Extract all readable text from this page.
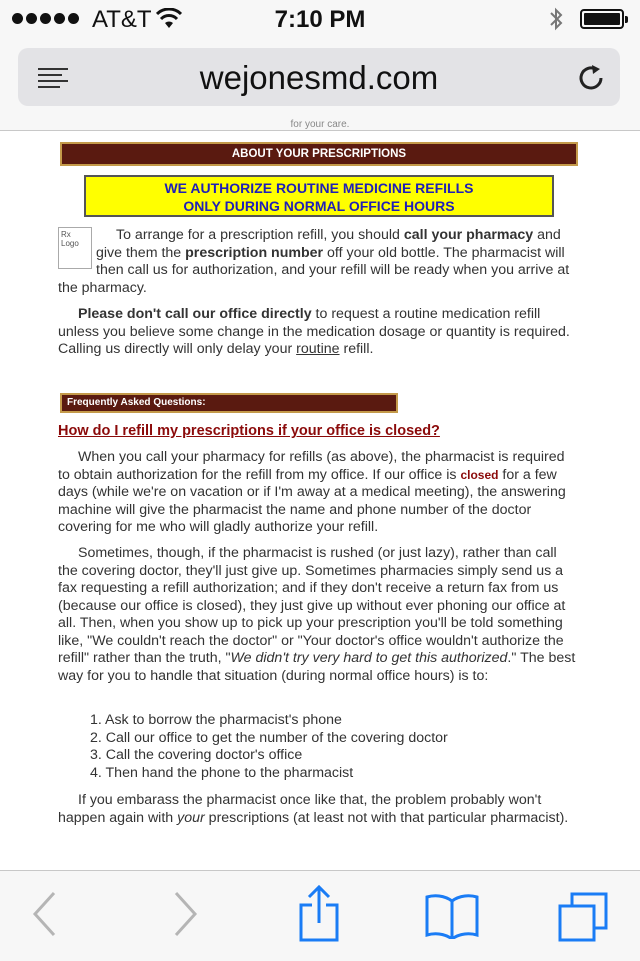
AT&T	7:10 PM
wejonesmd.com
for your care.
ABOUT YOUR PRESCRIPTIONS
WE AUTHORIZE ROUTINE MEDICINE REFILLS
ONLY DURING NORMAL OFFICE HOURS
Rx Logo

To arrange for a prescription refill, you should call your pharmacy and give them the prescription number off your old bottle. The pharmacist will then call us for authorization, and your refill will be ready when you arrive at the pharmacy.

Please don't call our office directly to request a routine medication refill unless you believe some change in the medication dosage or quantity is required. Calling us directly will only delay your routine refill.

Frequently Asked Questions:
How do I refill my prescriptions if your office is closed?

When you call your pharmacy for refills (as above), the pharmacist is required to obtain authorization for the refill from my office. If our office is closed for a few days (while we're on vacation or if I'm away at a medical meeting), the answering machine will give the pharmacist the name and phone number of the doctor covering for me who will gladly authorize your refill.

Sometimes, though, if the pharmacist is rushed (or just lazy), rather than call the covering doctor, they'll just give up. Sometimes pharmacies simply send us a fax requesting a refill authorization; and if they don't receive a return fax from us (because our office is closed), they just give up without ever phoning our office at all. Then, when you show up to pick up your prescription you'll be told something like, "We couldn't reach the doctor" or "Your doctor's office wouldn't authorize the refill" rather than the truth, "We didn't try very hard to get this authorized." The best way for you to handle that situation (during normal office hours) is to:

1. Ask to borrow the pharmacist's phone
2. Call our office to get the number of the covering doctor
3. Call the covering doctor's office
4. Then hand the phone to the pharmacist

If you embarass the pharmacist once like that, the problem probably won't happen again with your prescriptions (at least not with that particular pharmacist).
